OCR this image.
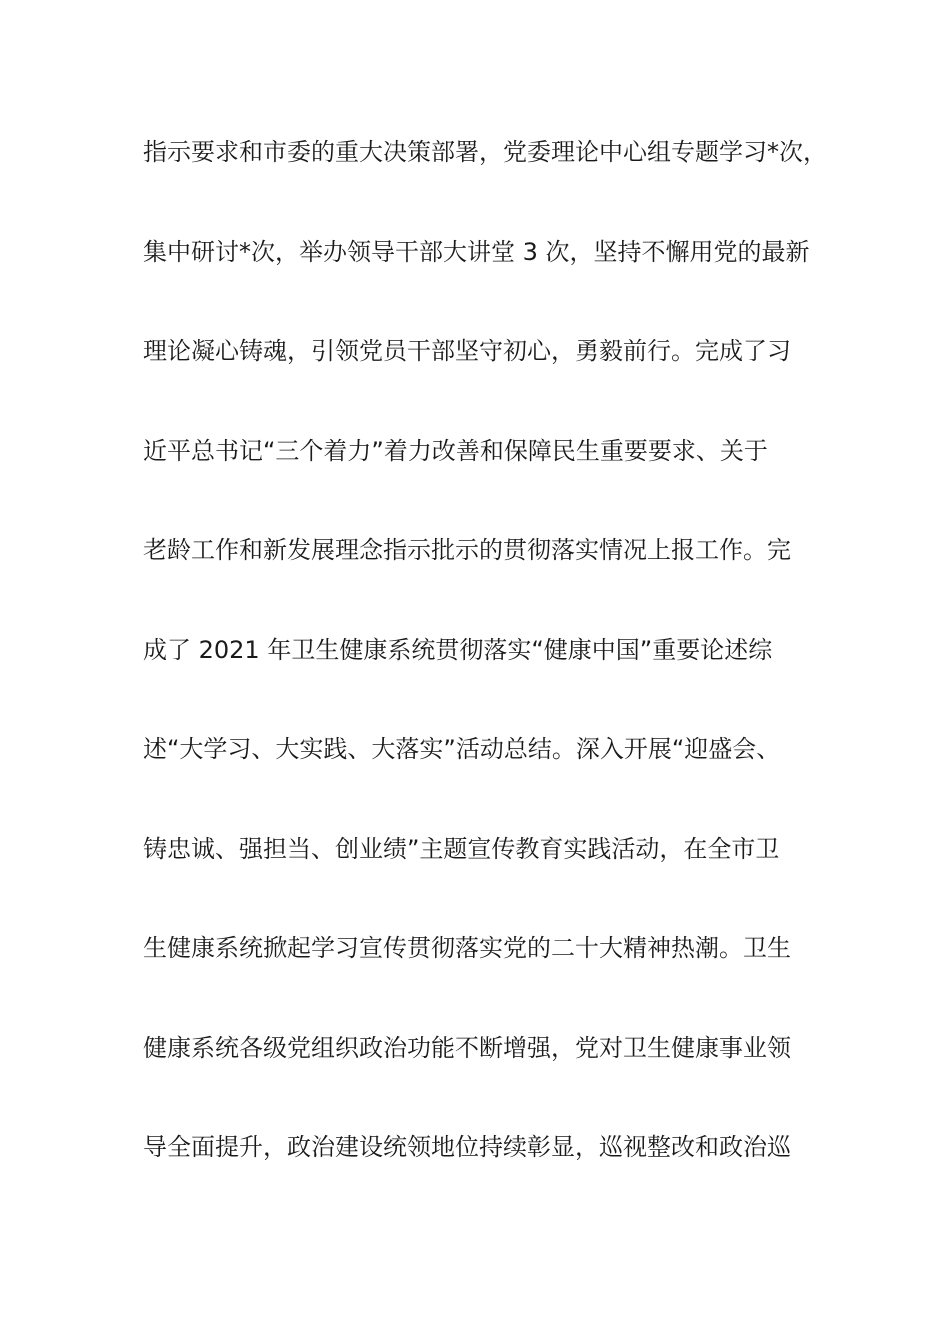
指示要求和市委的重大决策部署，党委理论中心组专题学习*次，
集中研讨*次，举办领导干部大讲堂 3 次，坚持不懈用党的最新
理论凝心铸魂，引领党员干部坚守初心，勇毅前行。完成了习
近平总书记“三个着力”着力改善和保障民生重要要求、关于
老龄工作和新发展理念指示批示的贯彻落实情况上报工作。完
成了 2021 年卫生健康系统贯彻落实“健康中国”重要论述综
述“大学习、大实践、大落实”活动总结。深入开展“迎盛会、
铸忠诚、强担当、创业绩”主题宣传教育实践活动，在全市卫
生健康系统掀起学习宣传贯彻落实党的二十大精神热潮。卫生
健康系统各级党组织政治功能不断增强，党对卫生健康事业领
导全面提升，政治建设统领地位持续彰显，巡视整改和政治巡
